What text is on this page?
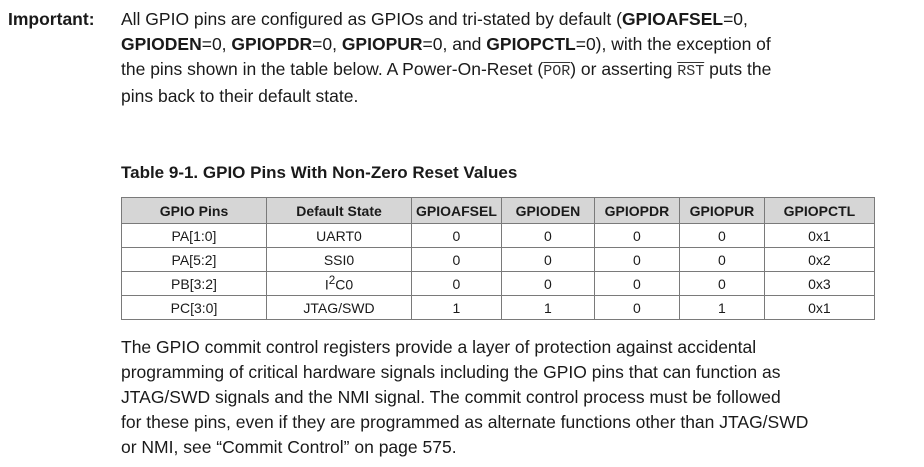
Important: All GPIO pins are configured as GPIOs and tri-stated by default (GPIOAFSEL=0,
GPIODEN=0, GPIOPDR=0, GPIOPUR=0, and GPIOPCTL=0), with the exception of
the pins shown in the table below. A Power-On-Reset $(\overline{POR})$ or asserting $\overline{RST}$ puts the
pins back to their default state.
Table 9-1. GPIO Pins With Non-Zero Reset Values
GPIO Pins	Default State	GPIOAFSEL	GPIODEN	GPIOPDR	GPIOPUR	GPIOPCTL
PA[1:0]	UART0	0	0	0	0	0x1
PA[5:2]	SSI0	0	0	0	0	0x2
PB[3:2]	$I^2C0$	0	0	0	0	0x3
PC[3:0]	JTAG/SWD	1	1	0	1	0x1
The GPIO commit control registers provide a layer of protection against accidental
programming of critical hardware signals including the GPIO pins that can function as
JTAG/SWD signals and the NMI signal. The commit control process must be followed
for these pins, even if they are programmed as alternate functions other than JTAG/SWD
or NMI, see “Commit Control” on page 575.
